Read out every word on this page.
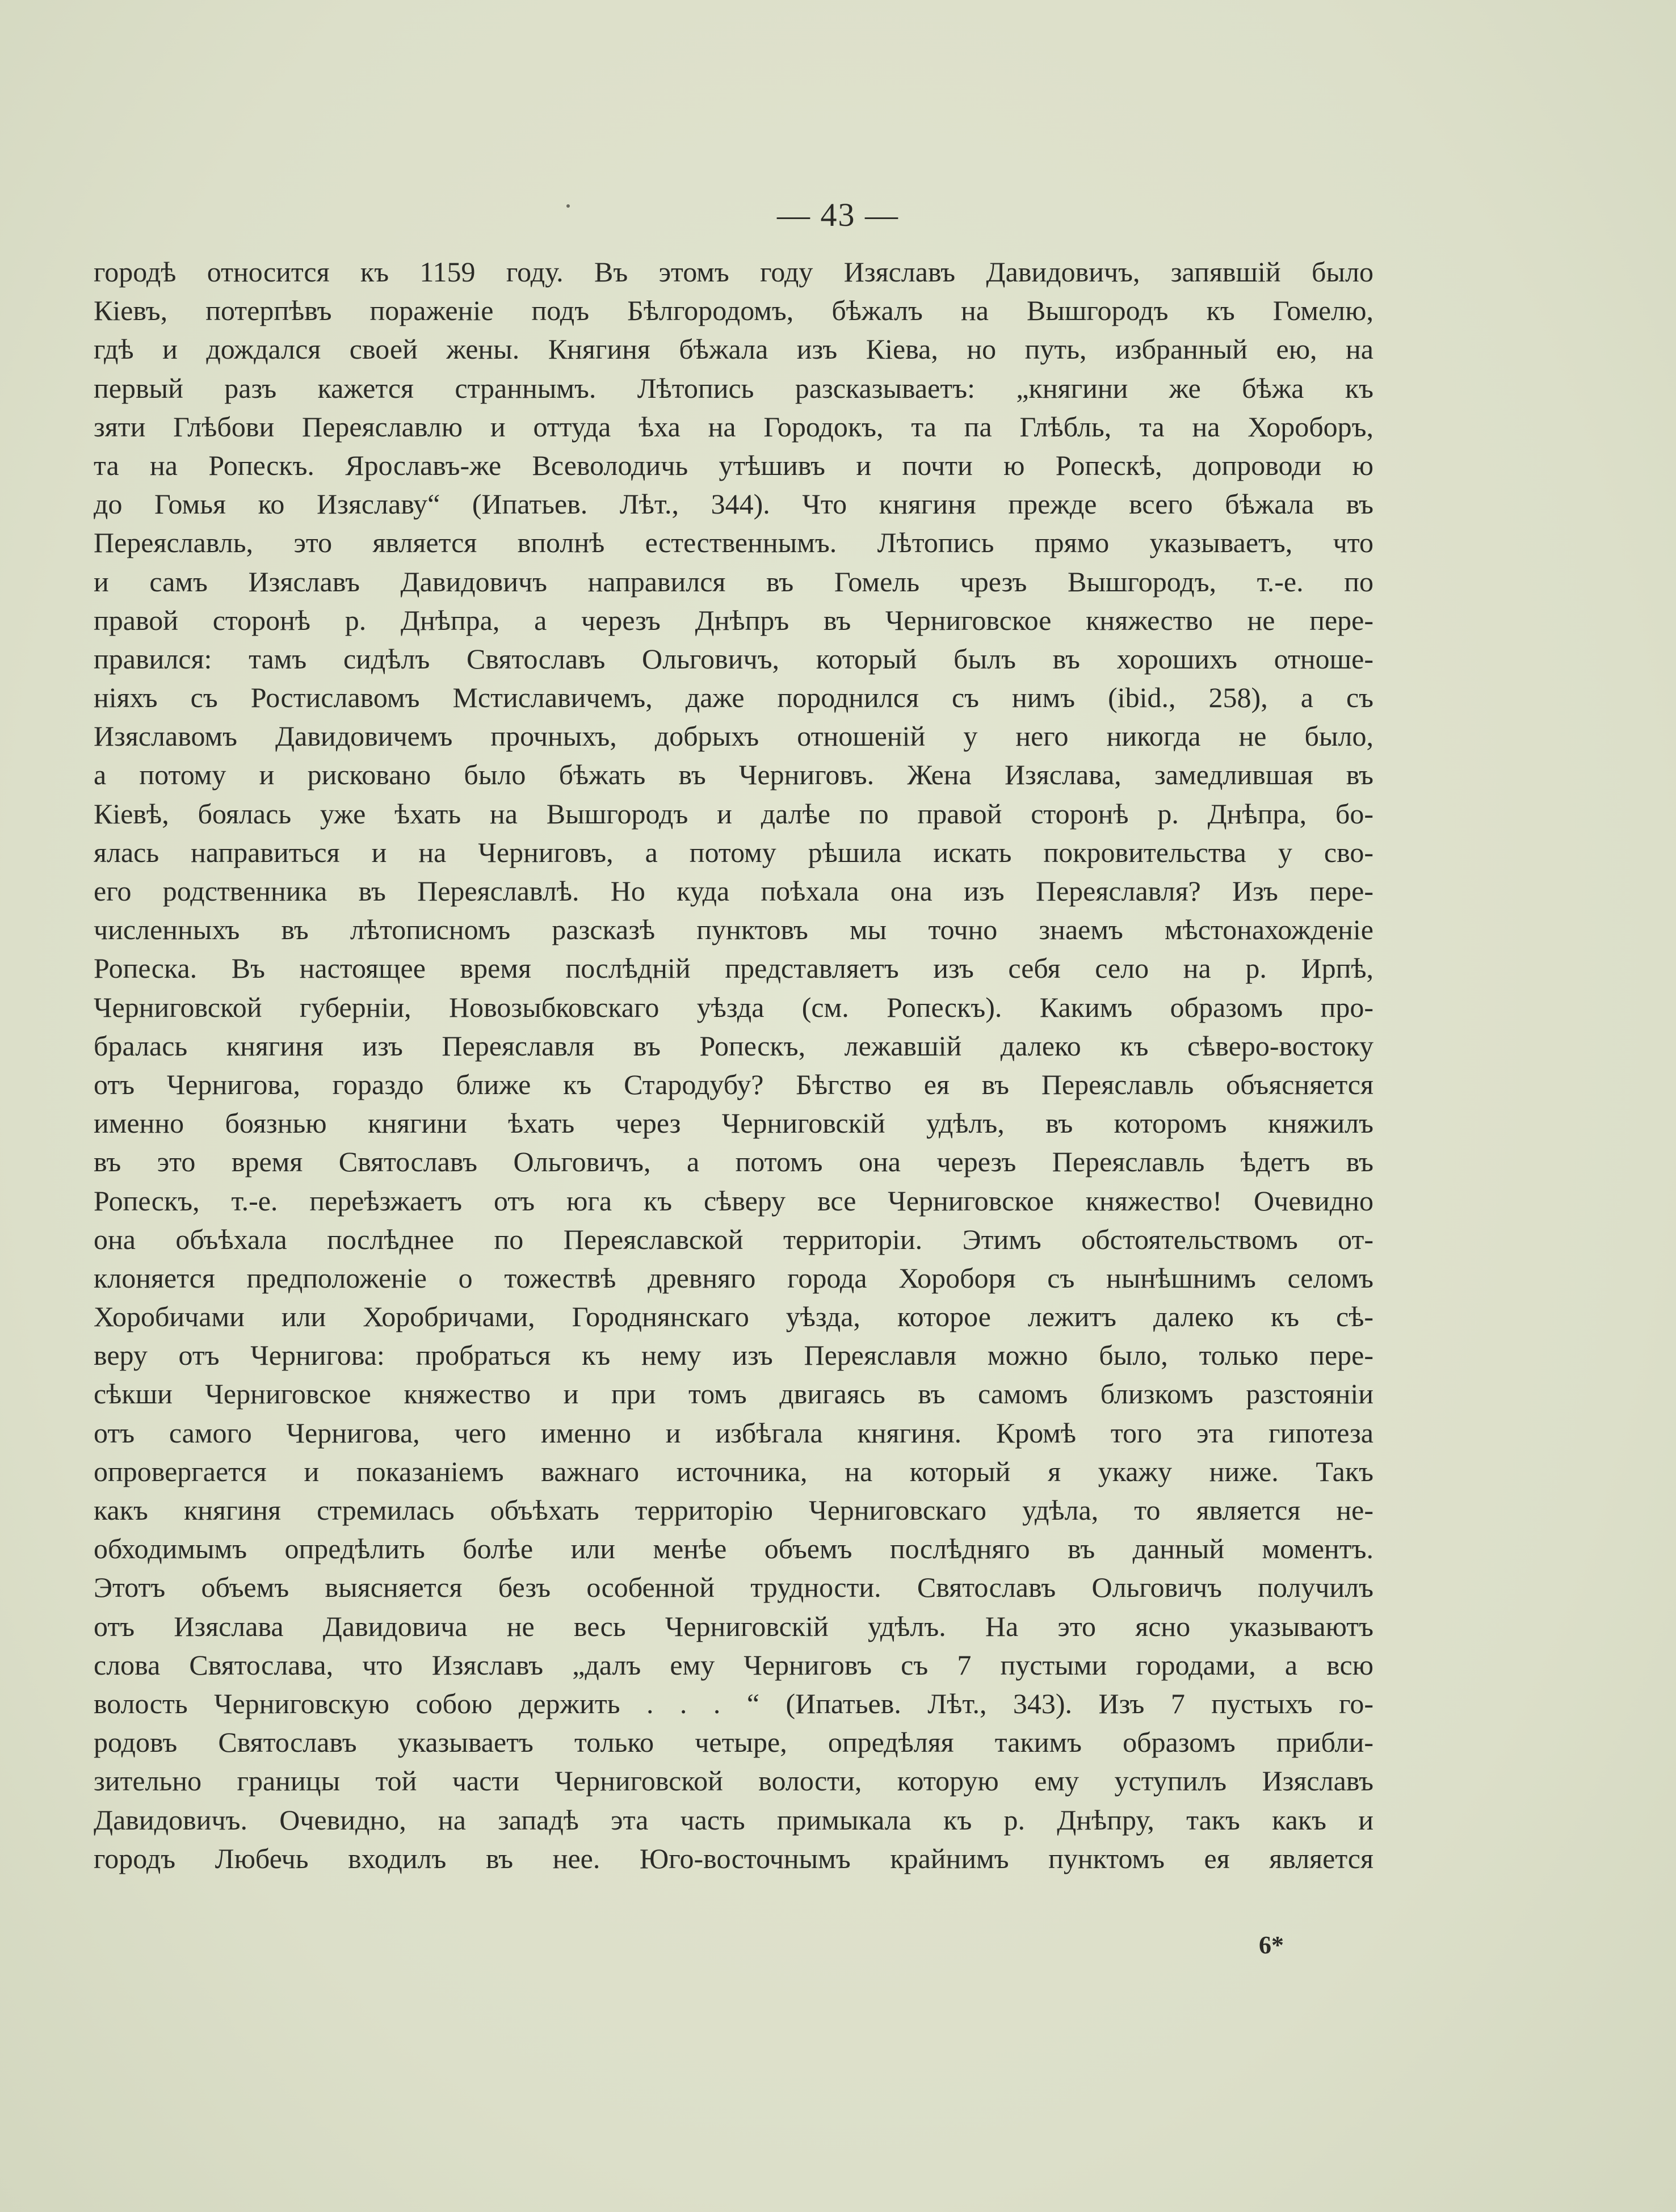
— 43 —

городѣ относится къ 1159 году. Въ этомъ году Изяславъ Давидовичъ, запявшій было
Кіевъ, потерпѣвъ пораженіе подъ Бѣлгородомъ, бѣжалъ на Вышгородъ къ Гомелю,
гдѣ и дождался своей жены. Княгиня бѣжала изъ Кіева, но путь, избранный ею, на
первый разъ кажется страннымъ. Лѣтопись разсказываетъ: „княгини же бѣжа къ
зяти Глѣбови Переяславлю и оттуда ѣха на Городокъ, та па Глѣбль, та на Хороборъ,
та на Ропескъ. Ярославъ-же Всеволодичь утѣшивъ и почти ю Ропескѣ, допроводи ю
до Гомья ко Изяславу“ (Ипатьев. Лѣт., 344). Что княгиня прежде всего бѣжала въ
Переяславль, это является вполнѣ естественнымъ. Лѣтопись прямо указываетъ, что
и самъ Изяславъ Давидовичъ направился въ Гомель чрезъ Вышгородъ, т.-е. по
правой сторонѣ р. Днѣпра, а черезъ Днѣпръ въ Черниговское княжество не пере-
правился: тамъ сидѣлъ Святославъ Ольговичъ, который былъ въ хорошихъ отноше-
ніяхъ съ Ростиславомъ Мстиславичемъ, даже породнился съ нимъ (ibid., 258), а съ
Изяславомъ Давидовичемъ прочныхъ, добрыхъ отношеній у него никогда не было,
а потому и рисковано было бѣжать въ Черниговъ. Жена Изяслава, замедлившая въ
Кіевѣ, боялась уже ѣхать на Вышгородъ и далѣе по правой сторонѣ р. Днѣпра, бо-
ялась направиться и на Черниговъ, а потому рѣшила искать покровительства у сво-
его родственника въ Переяславлѣ. Но куда поѣхала она изъ Переяславля? Изъ пере-
численныхъ въ лѣтописномъ разсказѣ пунктовъ мы точно знаемъ мѣстонахожденіе
Ропеска. Въ настоящее время послѣдній представляетъ изъ себя село на р. Ирпѣ,
Черниговской губерніи, Новозыбковскаго уѣзда (см. Ропескъ). Какимъ образомъ про-
бралась княгиня изъ Переяславля въ Ропескъ, лежавшій далеко къ сѣверо-востоку
отъ Чернигова, гораздо ближе къ Стародубу? Бѣгство ея въ Переяславль объясняется
именно боязнью княгини ѣхать через Черниговскій удѣлъ, въ которомъ княжилъ
въ это время Святославъ Ольговичъ, а потомъ она черезъ Переяславль ѣдетъ въ
Ропескъ, т.-е. переѣзжаетъ отъ юга къ сѣверу все Черниговское княжество! Очевидно
она объѣхала послѣднее по Переяславской территоріи. Этимъ обстоятельствомъ от-
клоняется предположеніе о тожествѣ древняго города Хороборя съ нынѣшнимъ селомъ
Хоробичами или Хоробричами, Городнянскаго уѣзда, которое лежитъ далеко къ сѣ-
веру отъ Чернигова: пробраться къ нему изъ Переяславля можно было, только пере-
сѣкши Черниговское княжество и при томъ двигаясь въ самомъ близкомъ разстояніи
отъ самого Чернигова, чего именно и избѣгала княгиня. Кромѣ того эта гипотеза
опровергается и показаніемъ важнаго источника, на который я укажу ниже. Такъ
какъ княгиня стремилась объѣхать территорію Черниговскаго удѣла, то является не-
обходимымъ опредѣлить болѣе или менѣе объемъ послѣдняго въ данный моментъ.
Этотъ объемъ выясняется безъ особенной трудности. Святославъ Ольговичъ получилъ
отъ Изяслава Давидовича не весь Черниговскій удѣлъ. На это ясно указываютъ
слова Святослава, что Изяславъ „далъ ему Черниговъ съ 7 пустыми городами, а всю
волость Черниговскую собою держить . . . “ (Ипатьев. Лѣт., 343). Изъ 7 пустыхъ го-
родовъ Святославъ указываетъ только четыре, опредѣляя такимъ образомъ прибли-
зительно границы той части Черниговской волости, которую ему уступилъ Изяславъ
Давидовичъ. Очевидно, на западѣ эта часть примыкала къ р. Днѣпру, такъ какъ и
городъ Любечь входилъ въ нее. Юго-восточнымъ крайнимъ пунктомъ ея является

6*
